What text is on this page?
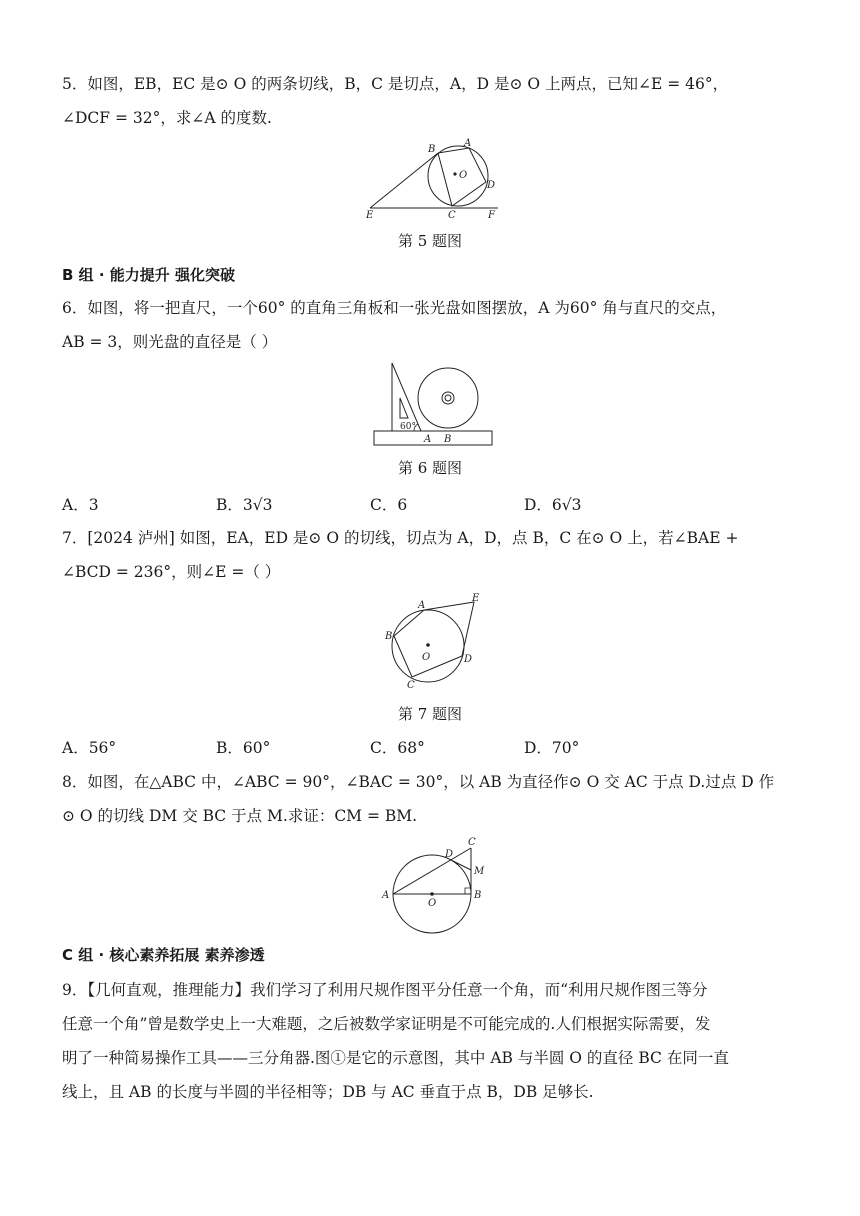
5．如图，EB，EC 是⊙ O 的两条切线，B，C 是切点，A，D 是⊙ O 上两点，已知∠E = 46°，
∠DCF = 32°，求∠A 的度数.
B
A
O
D
E	C	F
第 5 题图
B 组 · 能力提升 强化突破
6．如图，将一把直尺，一个60° 的直角三角板和一张光盘如图摆放，A 为60° 角与直尺的交点，
AB = 3，则光盘的直径是（ ）
60°
A B
第 6 题图
A．3	B．3√3	C．6	D．6√3
7．[2024 泸州] 如图，EA，ED 是⊙ O 的切线，切点为 A，D，点 B，C 在⊙ O 上，若∠BAE +
∠BCD = 236°，则∠E =（ ）
A
E
B
O	D
C
第 7 题图
A．56°	B．60°	C．68°	D．70°
8．如图，在△ABC 中，∠ABC = 90°，∠BAC = 30°，以 AB 为直径作⊙ O 交 AC 于点 D.过点 D 作
⊙ O 的切线 DM 交 BC 于点 M.求证：CM = BM.
C
D
M
A
O
B
C 组 · 核心素养拓展 素养渗透
9．【几何直观，推理能力】我们学习了利用尺规作图平分任意一个角，而“利用尺规作图三等分
任意一个角”曾是数学史上一大难题，之后被数学家证明是不可能完成的.人们根据实际需要，发
明了一种简易操作工具——三分角器.图①是它的示意图，其中 AB 与半圆 O 的直径 BC 在同一直
线上，且 AB 的长度与半圆的半径相等；DB 与 AC 垂直于点 B，DB 足够长.
